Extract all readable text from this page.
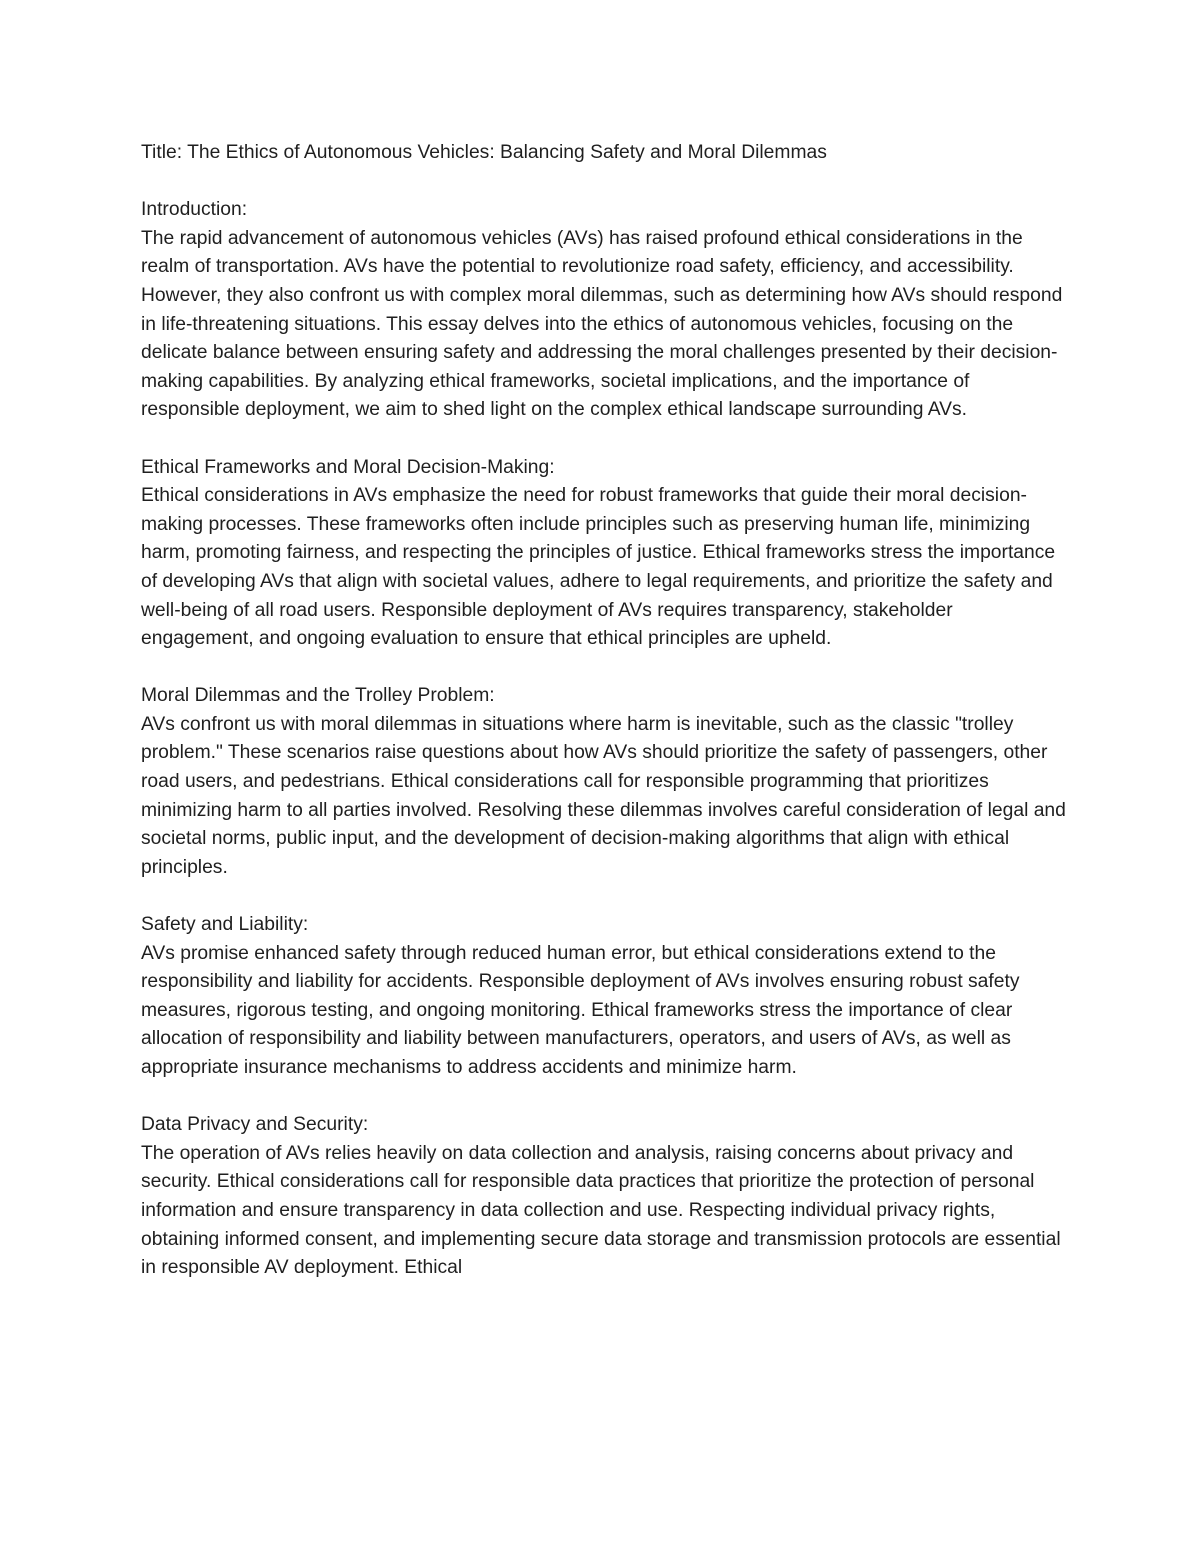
Title: The Ethics of Autonomous Vehicles: Balancing Safety and Moral Dilemmas

Introduction:

The rapid advancement of autonomous vehicles (AVs) has raised profound ethical considerations in the realm of transportation. AVs have the potential to revolutionize road safety, efficiency, and accessibility. However, they also confront us with complex moral dilemmas, such as determining how AVs should respond in life-threatening situations. This essay delves into the ethics of autonomous vehicles, focusing on the delicate balance between ensuring safety and addressing the moral challenges presented by their decision-making capabilities. By analyzing ethical frameworks, societal implications, and the importance of responsible deployment, we aim to shed light on the complex ethical landscape surrounding AVs.

Ethical Frameworks and Moral Decision-Making:

Ethical considerations in AVs emphasize the need for robust frameworks that guide their moral decision-making processes. These frameworks often include principles such as preserving human life, minimizing harm, promoting fairness, and respecting the principles of justice. Ethical frameworks stress the importance of developing AVs that align with societal values, adhere to legal requirements, and prioritize the safety and well-being of all road users. Responsible deployment of AVs requires transparency, stakeholder engagement, and ongoing evaluation to ensure that ethical principles are upheld.

Moral Dilemmas and the Trolley Problem:

AVs confront us with moral dilemmas in situations where harm is inevitable, such as the classic "trolley problem." These scenarios raise questions about how AVs should prioritize the safety of passengers, other road users, and pedestrians. Ethical considerations call for responsible programming that prioritizes minimizing harm to all parties involved. Resolving these dilemmas involves careful consideration of legal and societal norms, public input, and the development of decision-making algorithms that align with ethical principles.

Safety and Liability:

AVs promise enhanced safety through reduced human error, but ethical considerations extend to the responsibility and liability for accidents. Responsible deployment of AVs involves ensuring robust safety measures, rigorous testing, and ongoing monitoring. Ethical frameworks stress the importance of clear allocation of responsibility and liability between manufacturers, operators, and users of AVs, as well as appropriate insurance mechanisms to address accidents and minimize harm.

Data Privacy and Security:

The operation of AVs relies heavily on data collection and analysis, raising concerns about privacy and security. Ethical considerations call for responsible data practices that prioritize the protection of personal information and ensure transparency in data collection and use. Respecting individual privacy rights, obtaining informed consent, and implementing secure data storage and transmission protocols are essential in responsible AV deployment. Ethical
